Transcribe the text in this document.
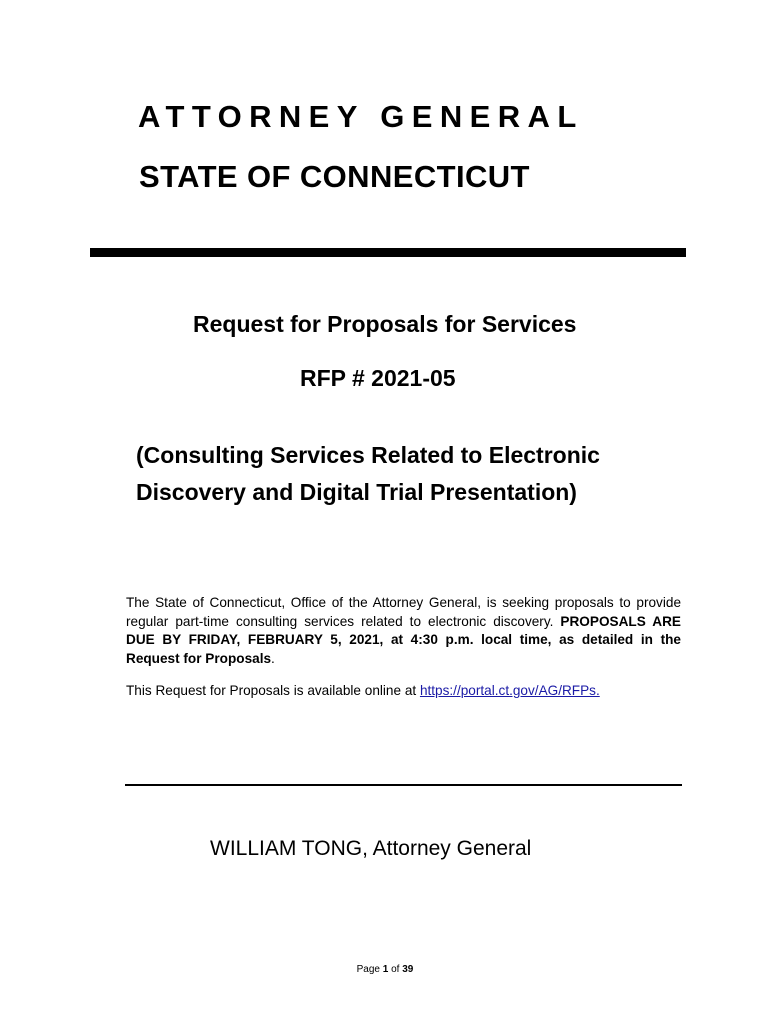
ATTORNEY GENERAL
STATE OF CONNECTICUT
Request for Proposals for Services
RFP # 2021-05
(Consulting Services Related to Electronic
Discovery and Digital Trial Presentation)

The State of Connecticut, Office of the Attorney General, is seeking proposals to provide regular part-time consulting services related to electronic discovery. PROPOSALS ARE DUE BY FRIDAY, FEBRUARY 5, 2021, at 4:30 p.m. local time, as detailed in the Request for Proposals.

This Request for Proposals is available online at https://portal.ct.gov/AG/RFPs.

WILLIAM TONG, Attorney General

Page 1 of 39
